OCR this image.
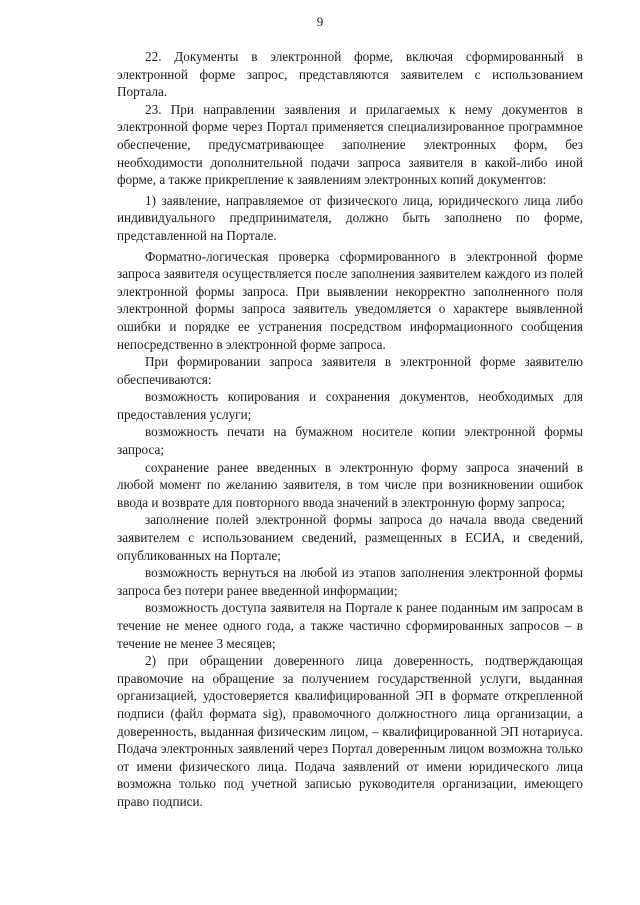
9

22. Документы в электронной форме, включая сформированный в электронной форме запрос, представляются заявителем с использованием Портала.

23. При направлении заявления и прилагаемых к нему документов в электронной форме через Портал применяется специализированное программное обеспечение, предусматривающее заполнение электронных форм, без необходимости дополнительной подачи запроса заявителя в какой-либо иной форме, а также прикрепление к заявлениям электронных копий документов:

1) заявление, направляемое от физического лица, юридического лица либо индивидуального предпринимателя, должно быть заполнено по форме, представленной на Портале.

Форматно-логическая проверка сформированного в электронной форме запроса заявителя осуществляется после заполнения заявителем каждого из полей электронной формы запроса. При выявлении некорректно заполненного поля электронной формы запроса заявитель уведомляется о характере выявленной ошибки и порядке ее устранения посредством информационного сообщения непосредственно в электронной форме запроса.

При формировании запроса заявителя в электронной форме заявителю обеспечиваются:

возможность копирования и сохранения документов, необходимых для предоставления услуги;

возможность печати на бумажном носителе копии электронной формы запроса;

сохранение ранее введенных в электронную форму запроса значений в любой момент по желанию заявителя, в том числе при возникновении ошибок ввода и возврате для повторного ввода значений в электронную форму запроса;

заполнение полей электронной формы запроса до начала ввода сведений заявителем с использованием сведений, размещенных в ЕСИА, и сведений, опубликованных на Портале;

возможность вернуться на любой из этапов заполнения электронной формы запроса без потери ранее введенной информации;

возможность доступа заявителя на Портале к ранее поданным им запросам в течение не менее одного года, а также частично сформированных запросов – в течение не менее 3 месяцев;

2) при обращении доверенного лица доверенность, подтверждающая правомочие на обращение за получением государственной услуги, выданная организацией, удостоверяется квалифицированной ЭП в формате открепленной подписи (файл формата sig), правомочного должностного лица организации, а доверенность, выданная физическим лицом, – квалифицированной ЭП нотариуса. Подача электронных заявлений через Портал доверенным лицом возможна только от имени физического лица. Подача заявлений от имени юридического лица возможна только под учетной записью руководителя организации, имеющего право подписи.
